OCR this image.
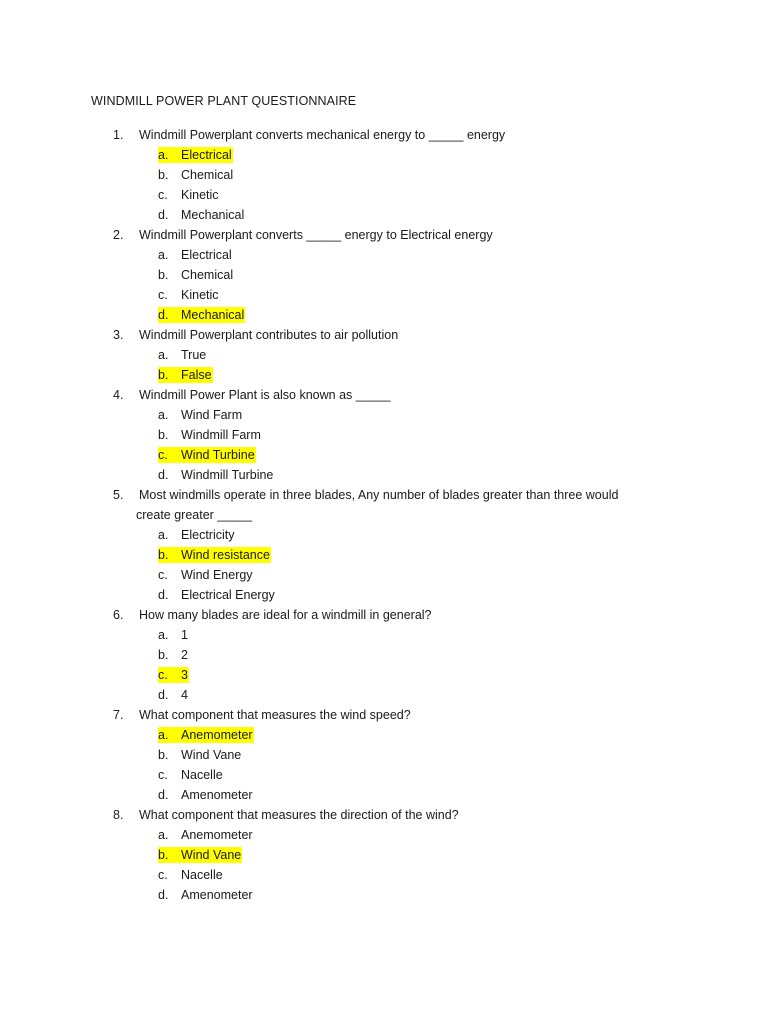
WINDMILL POWER PLANT QUESTIONNAIRE
1.	Windmill Powerplant converts mechanical energy to _____ energy
a. Electrical
b. Chemical
c. Kinetic
d. Mechanical
2.	Windmill Powerplant converts _____ energy to Electrical energy
a. Electrical
b. Chemical
c. Kinetic
d. Mechanical
3.	Windmill Powerplant contributes to air pollution
a. True
b. False
4.	Windmill Power Plant is also known as _____
a. Wind Farm
b. Windmill Farm
c. Wind Turbine
d. Windmill Turbine
5.	Most windmills operate in three blades, Any number of blades greater than three would
create greater _____
a. Electricity
b. Wind resistance
c. Wind Energy
d. Electrical Energy
6.	How many blades are ideal for a windmill in general?
a. 1
b. 2
c. 3
d. 4
7.	What component that measures the wind speed?
a. Anemometer
b. Wind Vane
c. Nacelle
d. Amenometer
8.	What component that measures the direction of the wind?
a. Anemometer
b. Wind Vane
c. Nacelle
d. Amenometer
